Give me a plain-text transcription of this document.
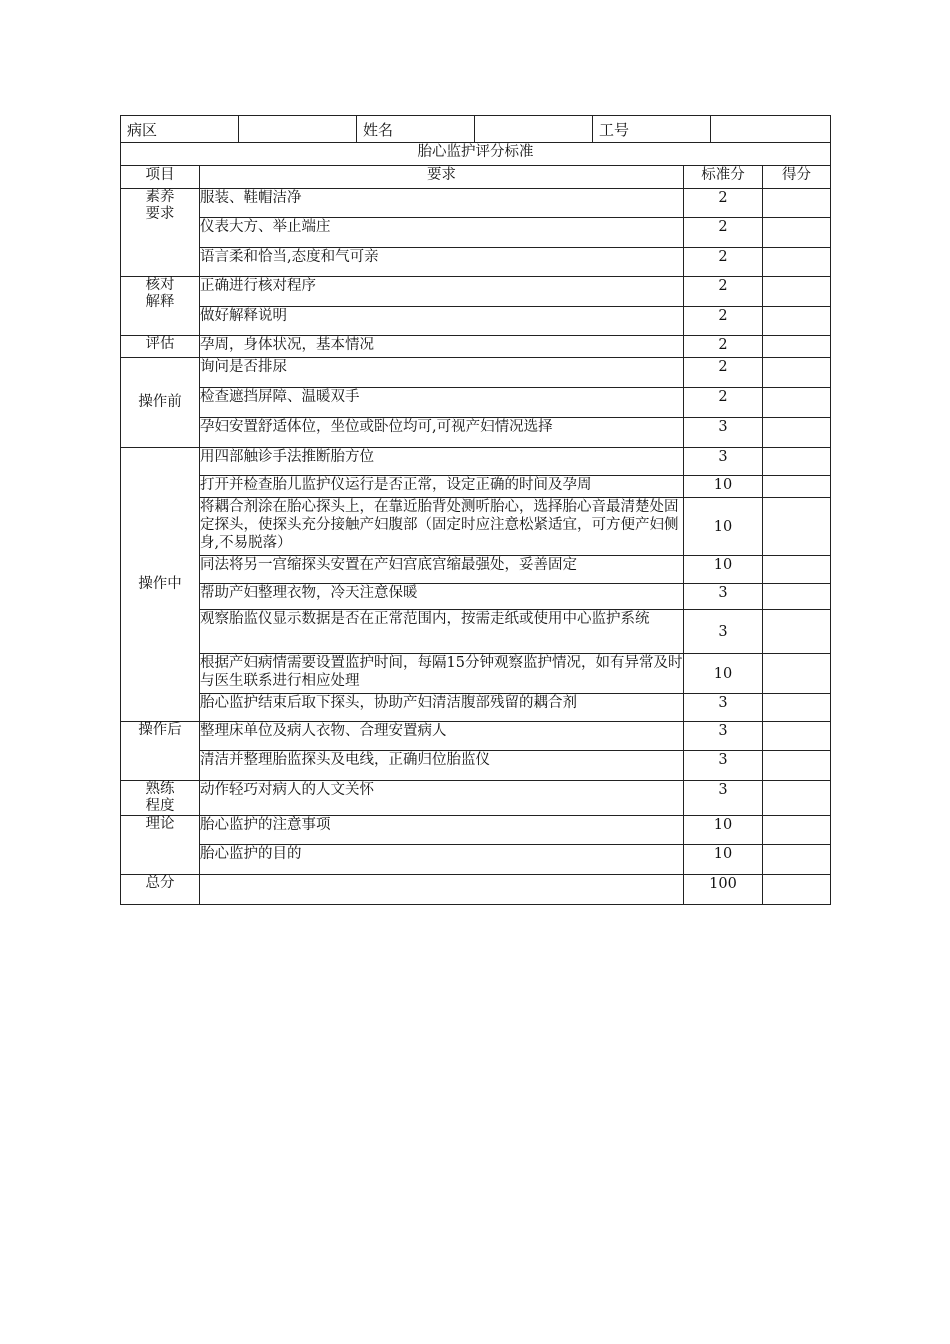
病区		姓名		工号	
胎心监护评分标准			
项目	要求	标准分	得分

素养
要求	服装、鞋帽洁净	2	
	仪表大方、举止端庄	2	
	语言柔和恰当,态度和气可亲	2	

核对
解释	正确进行核对程序	2	
	做好解释说明	2	

评估	孕周，身体状况，基本情况	2	

操作前	询问是否排尿	2	
	检查遮挡屏障、温暖双手	2	
	孕妇安置舒适体位，坐位或卧位均可,可视产妇情况选择	3	

操作中	用四部触诊手法推断胎方位	3	
	打开并检查胎儿监护仪运行是否正常，设定正确的时间及孕周	10	
	将耦合剂涂在胎心探头上，在靠近胎背处测听胎心，选择胎心音最清楚处固定探头，使探头充分接触产妇腹部（固定时应注意松紧适宜，可方便产妇侧身,不易脱落）	10	
	同法将另一宫缩探头安置在产妇宫底宫缩最强处，妥善固定	10	
	帮助产妇整理衣物，冷天注意保暖	3	
	观察胎监仪显示数据是否在正常范围内，按需走纸或使用中心监护系统	3	
	根据产妇病情需要设置监护时间，每隔15分钟观察监护情况，如有异常及时与医生联系进行相应处理	10	
	胎心监护结束后取下探头，协助产妇清洁腹部残留的耦合剂	3	

操作后	整理床单位及病人衣物、合理安置病人	3	
	清洁并整理胎监探头及电线，正确归位胎监仪	3	

熟练
程度	动作轻巧对病人的人文关怀	3	

理论	胎心监护的注意事项	10	
	胎心监护的目的	10	

总分		100	
